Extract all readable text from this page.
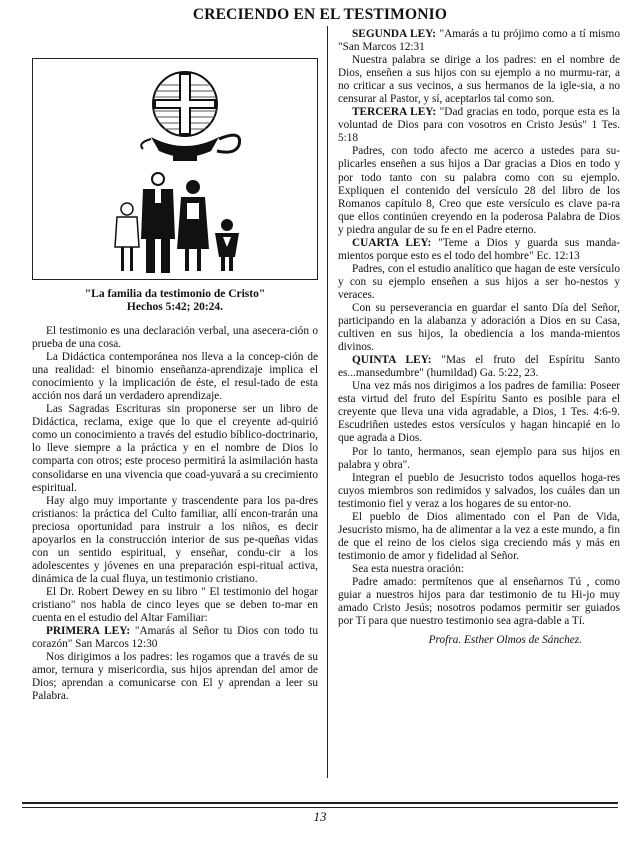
CRECIENDO EN EL TESTIMONIO
"La familia da testimonio de Cristo"
Hechos 5:42; 20:24.

El testimonio es una declaración verbal, una asecera-ción o prueba de una cosa.

La Didáctica contemporánea nos lleva a la concep-ción de una realidad: el binomio enseñanza-aprendizaje implica el conocimiento y la implicación de éste, el resul-tado de esta acción nos dará un verdadero aprendizaje.

Las Sagradas Escrituras sin proponerse ser un libro de Didáctica, reclama, exige que lo que el creyente ad-quirió como un conocimiento a través del estudio bíblico-doctrinario, lo lleve siempre a la práctica y en el nombre de Dios lo comparta con otros; este proceso permitirá la asimilación hasta consolidarse en una vivencia que coad-yuvará a su crecimiento espiritual.

Hay algo muy importante y trascendente para los pa-dres cristianos: la práctica del Culto familiar, allí encon-trarán una preciosa oportunidad para instruir a los niños, es decir apoyarlos en la construcción interior de sus pe-queñas vidas con un sentido espiritual, y enseñar, condu-cir a los adolescentes y jóvenes en una preparación espi-ritual activa, dinámica de la cual fluya, un testimonio cristiano.

El Dr. Robert Dewey en su libro " El testimonio del hogar cristiano" nos habla de cinco leyes que se deben to-mar en cuenta en el estudio del Altar Familiar:

PRIMERA LEY: "Amarás al Señor tu Dios con todo tu corazón" San Marcos 12:30

Nos dirigimos a los padres: les rogamos que a través de su amor, ternura y misericordia, sus hijos aprendan del amor de Dios; aprendan a comunicarse con El y aprendan a leer su Palabra.

SEGUNDA LEY: "Amarás a tu prójimo como a tí mismo "San Marcos 12:31

Nuestra palabra se dirige a los padres: en el nombre de Dios, enseñen a sus hijos con su ejemplo a no murmu-rar, a no criticar a sus vecinos, a sus hermanos de la igle-sia, a no censurar al Pastor, y sí, aceptarlos tal como son.

TERCERA LEY: "Dad gracias en todo, porque esta es la voluntad de Dios para con vosotros en Cristo Jesús" 1 Tes. 5:18

Padres, con todo afecto me acerco a ustedes para su-plicarles enseñen a sus hijos a Dar gracias a Dios en todo y por todo tanto con su palabra como con su ejemplo. Expliquen el contenido del versículo 28 del libro de los Romanos capítulo 8, Creo que este versículo es clave pa-ra que ellos continúen creyendo en la poderosa Palabra de Dios y piedra angular de su fe en el Padre eterno.

CUARTA LEY: "Teme a Dios y guarda sus manda-mientos porque esto es el todo del hombre" Ec. 12:13

Padres, con el estudio analítico que hagan de este versículo y con su ejemplo enseñen a sus hijos a ser ho-nestos y veraces.

Con su perseverancia en guardar el santo Día del Señor, participando en la alabanza y adoración a Dios en su Casa, cultiven en sus hijos, la obediencia a los manda-mientos divinos.

QUINTA LEY: "Mas el fruto del Espíritu Santo es...mansedumbre" (humildad) Ga. 5:22, 23.

Una vez más nos dirigimos a los padres de familia: Poseer esta virtud del fruto del Espíritu Santo es posible para el creyente que lleva una vida agradable, a Dios, 1 Tes. 4:6-9. Escudriñen ustedes estos versículos y hagan hincapié en lo que agrada a Dios.

Por lo tanto, hermanos, sean ejemplo para sus hijos en palabra y obra".

Integran el pueblo de Jesucristo todos aquellos hoga-res cuyos miembros son redimidos y salvados, los cuáles dan un testimonio fiel y veraz a los hogares de su entor-no.

El pueblo de Dios alimentado con el Pan de Vida, Jesucristo mismo, ha de alimentar a la vez a este mundo, a fin de que el reino de los cielos siga creciendo más y más en testimonio de amor y fidelidad al Señor.

Sea esta nuestra oración:

Padre amado: permítenos que al enseñarnos Tú , como guiar a nuestros hijos para dar testimonio de tu Hi-jo muy amado Cristo Jesús; nosotros podamos permitir ser guiados por Tí para que nuestro testimonio sea agra-dable a Tí.

Profra. Esther Olmos de Sánchez.

13
